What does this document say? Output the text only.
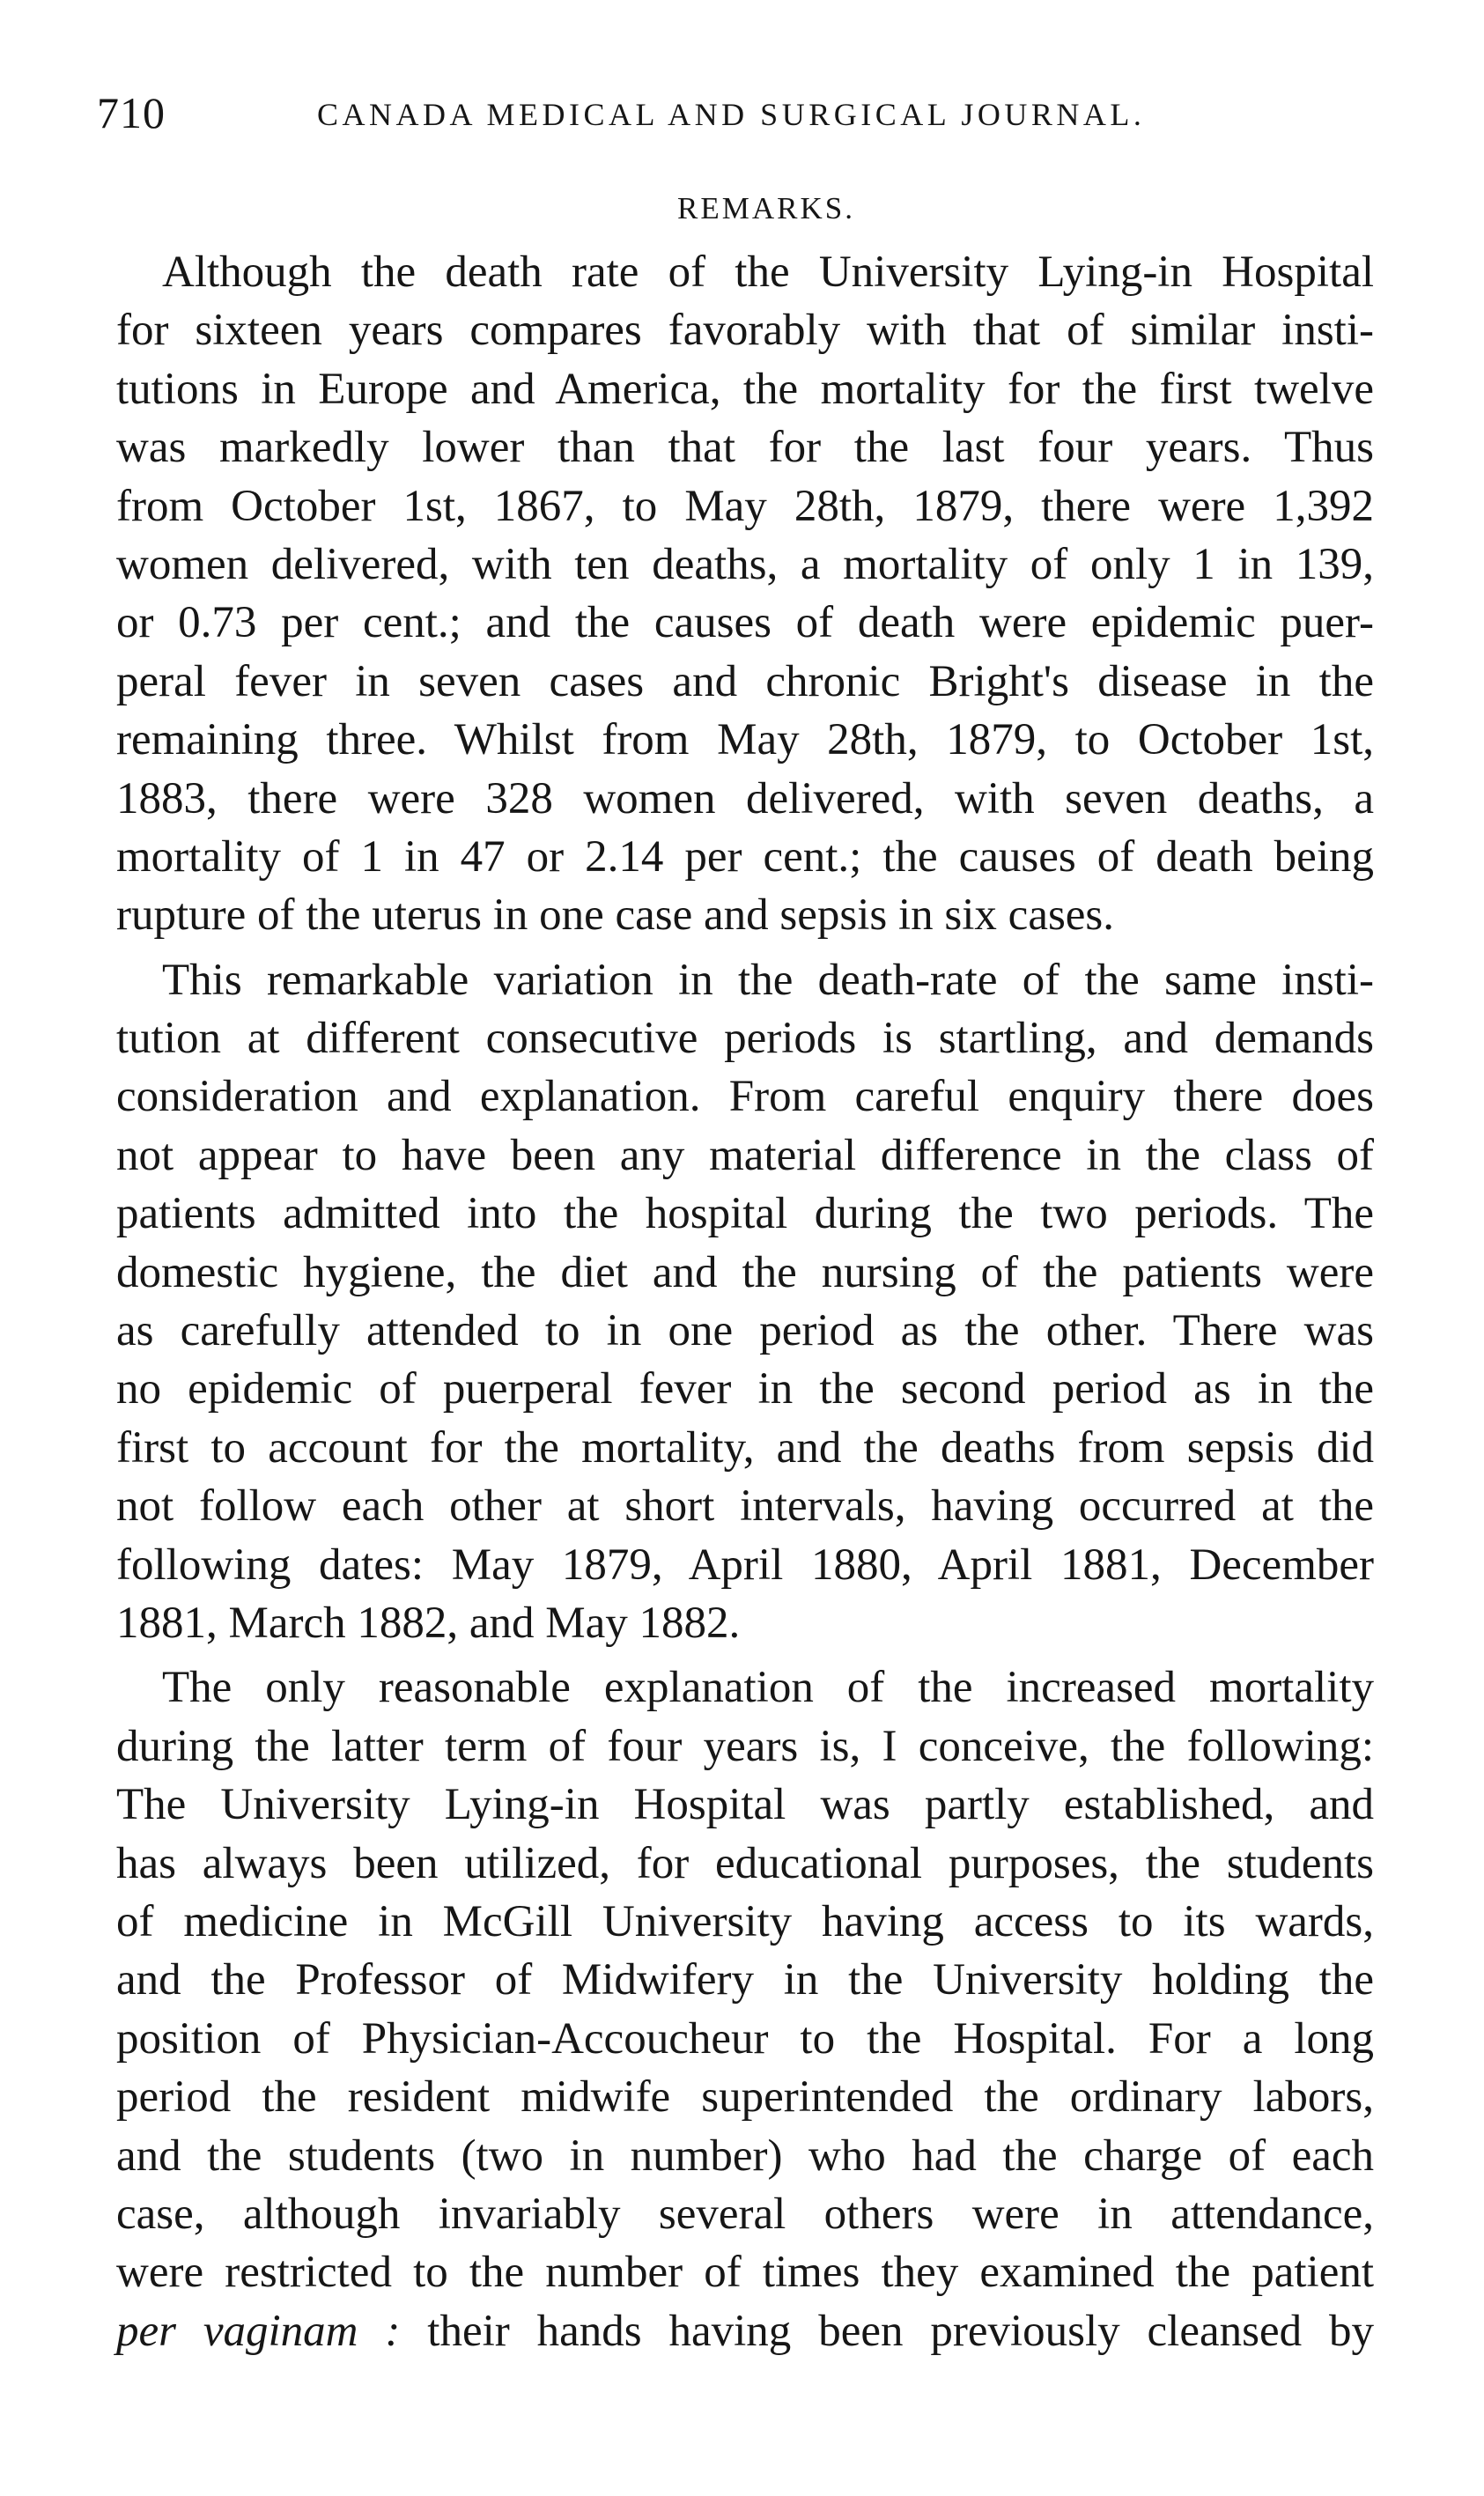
710	CANADA MEDICAL AND SURGICAL JOURNAL.
REMARKS.
Although the death rate of the University Lying-in Hospital
for sixteen years compares favorably with that of similar insti-
tutions in Europe and America, the mortality for the first twelve
was markedly lower than that for the last four years. Thus
from October 1st, 1867, to May 28th, 1879, there were 1,392
women delivered, with ten deaths, a mortality of only 1 in 139,
or 0.73 per cent.; and the causes of death were epidemic puer-
peral fever in seven cases and chronic Bright's disease in the
remaining three. Whilst from May 28th, 1879, to October 1st,
1883, there were 328 women delivered, with seven deaths, a
mortality of 1 in 47 or 2.14 per cent.; the causes of death being
rupture of the uterus in one case and sepsis in six cases.
This remarkable variation in the death-rate of the same insti-
tution at different consecutive periods is startling, and demands
consideration and explanation. From careful enquiry there does
not appear to have been any material difference in the class of
patients admitted into the hospital during the two periods. The
domestic hygiene, the diet and the nursing of the patients were
as carefully attended to in one period as the other. There was
no epidemic of puerperal fever in the second period as in the
first to account for the mortality, and the deaths from sepsis did
not follow each other at short intervals, having occurred at the
following dates: May 1879, April 1880, April 1881, December
1881, March 1882, and May 1882.
The only reasonable explanation of the increased mortality
during the latter term of four years is, I conceive, the following:
The University Lying-in Hospital was partly established, and
has always been utilized, for educational purposes, the students
of medicine in McGill University having access to its wards,
and the Professor of Midwifery in the University holding the
position of Physician-Accoucheur to the Hospital. For a long
period the resident midwife superintended the ordinary labors,
and the students (two in number) who had the charge of each
case, although invariably several others were in attendance,
were restricted to the number of times they examined the patient
per vaginam : their hands having been previously cleansed by
